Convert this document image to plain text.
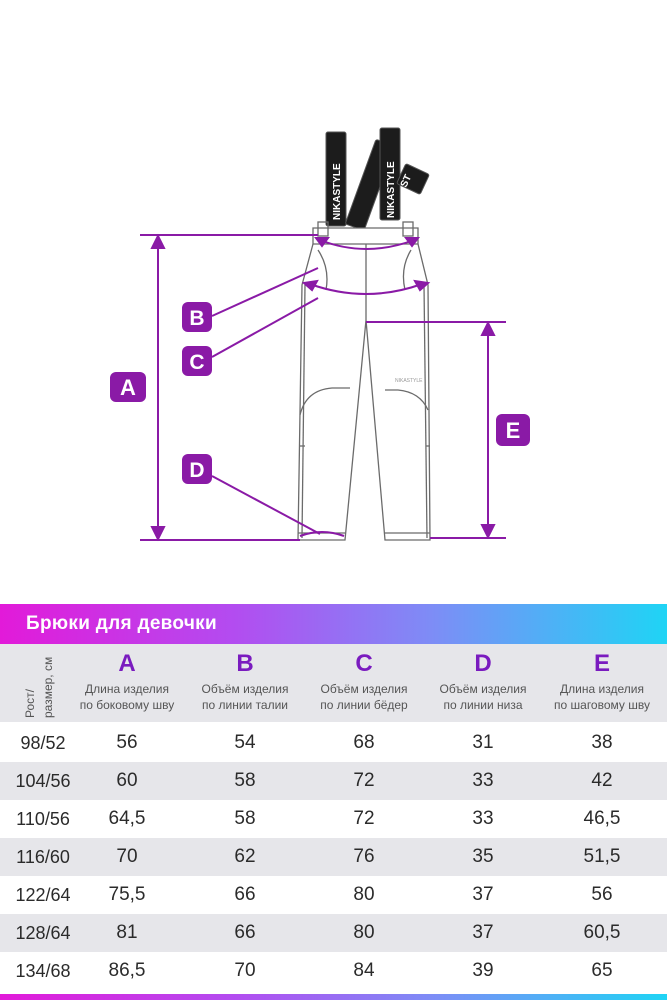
NIKASTYLE	NIKASTYLE ST
NIKASTYLE
A
B
C
D
E
Брюки для девочки
Рост/ размер, см	A
Длина изделия
по боковому шву
B
Объём изделия
по линии талии
C
Объём изделия
по линии бёдер
D
Объём изделия
по линии низа
E
Длина изделия
по шаговому шву
98/52	56	54	68	31	38
104/56	60	58	72	33	42
110/56	64,5	58	72	33	46,5
116/60	70	62	76	35	51,5
122/64	75,5	66	80	37	56
128/64	81	66	80	37	60,5
134/68	86,5	70	84	39	65
